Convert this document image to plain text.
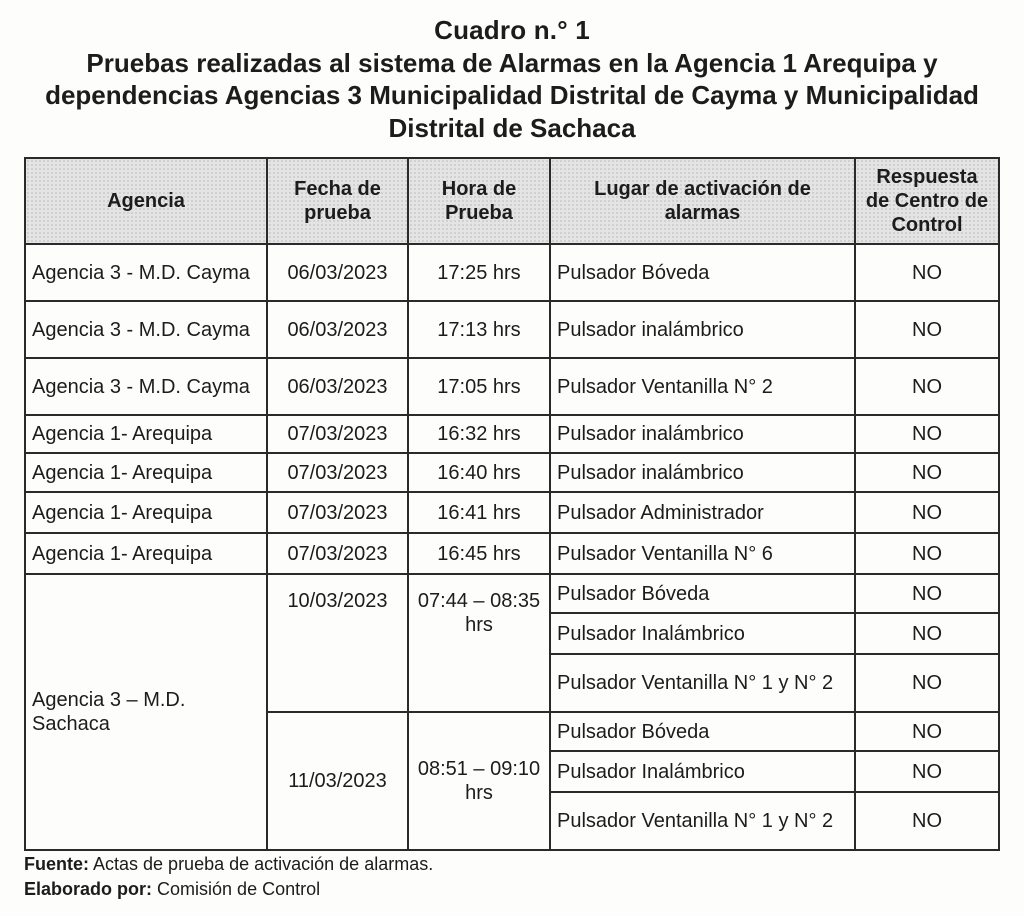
Cuadro n.° 1
Pruebas realizadas al sistema de Alarmas en la Agencia 1 Arequipa y dependencias Agencias 3 Municipalidad Distrital de Cayma y Municipalidad Distrital de Sachaca
Agencia	Fecha de prueba	Hora de Prueba	Lugar de activación de alarmas	Respuesta de Centro de Control
Agencia 3 - M.D. Cayma	06/03/2023	17:25 hrs	Pulsador Bóveda	NO
Agencia 3 - M.D. Cayma	06/03/2023	17:13 hrs	Pulsador inalámbrico	NO
Agencia 3 - M.D. Cayma	06/03/2023	17:05 hrs	Pulsador Ventanilla N° 2	NO
Agencia 1- Arequipa	07/03/2023	16:32 hrs	Pulsador inalámbrico	NO
Agencia 1- Arequipa	07/03/2023	16:40 hrs	Pulsador inalámbrico	NO
Agencia 1- Arequipa	07/03/2023	16:41 hrs	Pulsador Administrador	NO
Agencia 1- Arequipa	07/03/2023	16:45 hrs	Pulsador Ventanilla N° 6	NO
Agencia 3 – M.D. Sachaca	10/03/2023	07:44 – 08:35 hrs	Pulsador Bóveda	NO
			Pulsador Inalámbrico	NO
			Pulsador Ventanilla N° 1 y N° 2	NO
	11/03/2023	08:51 – 09:10 hrs	Pulsador Bóveda	NO
			Pulsador Inalámbrico	NO
			Pulsador Ventanilla N° 1 y N° 2	NO
Fuente: Actas de prueba de activación de alarmas.
Elaborado por: Comisión de Control
